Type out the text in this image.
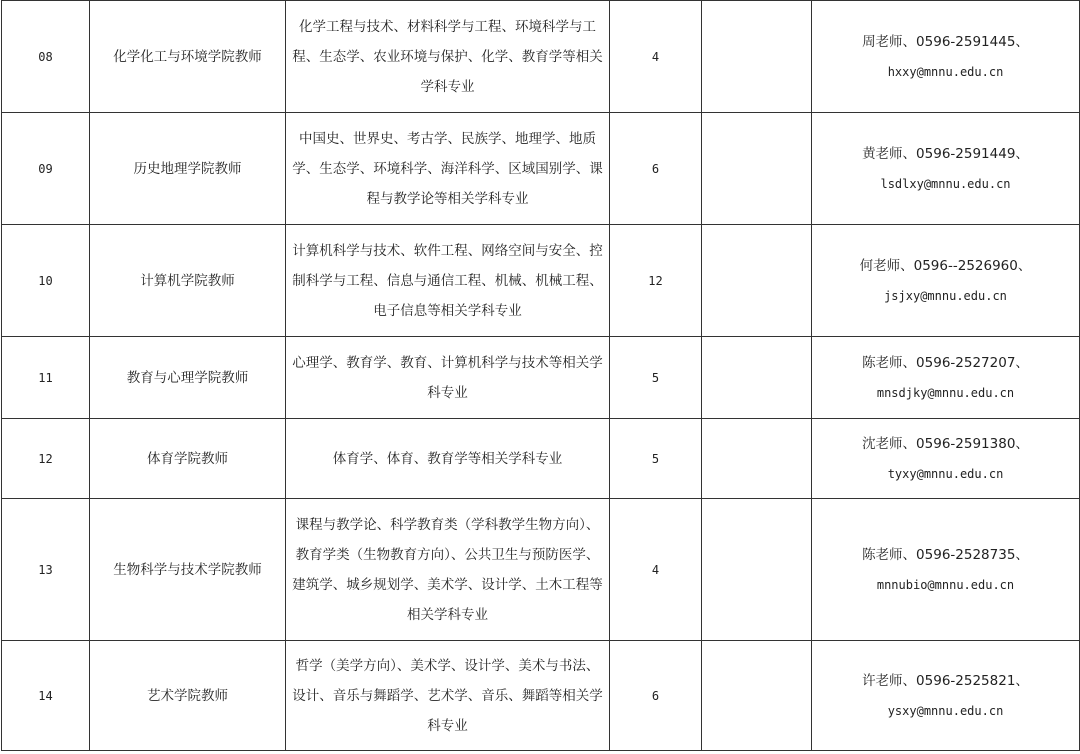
08	化学化工与环境学院教师	化学工程与技术、材料科学与工程、环境科学与工程、生态学、农业环境与保护、化学、教育学等相关学科专业	4		周老师、0596-2591445、
hxxy@mnnu.edu.cn

09	历史地理学院教师	中国史、世界史、考古学、民族学、地理学、地质学、生态学、环境科学、海洋科学、区域国别学、课程与教学论等相关学科专业	6		黄老师、0596-2591449、
lsdlxy@mnnu.edu.cn

10	计算机学院教师	计算机科学与技术、软件工程、网络空间与安全、控制科学与工程、信息与通信工程、机械、机械工程、电子信息等相关学科专业	12		何老师、0596--2526960、
jsjxy@mnnu.edu.cn

11	教育与心理学院教师	心理学、教育学、教育、计算机科学与技术等相关学科专业	5		陈老师、0596-2527207、
mnsdjky@mnnu.edu.cn

12	体育学院教师	体育学、体育、教育学等相关学科专业	5		沈老师、0596-2591380、
tyxy@mnnu.edu.cn

13	生物科学与技术学院教师	课程与教学论、科学教育类（学科教学生物方向）、教育学类（生物教育方向）、公共卫生与预防医学、建筑学、城乡规划学、美术学、设计学、土木工程等相关学科专业	4		陈老师、0596-2528735、
mnnubio@mnnu.edu.cn

14	艺术学院教师	哲学（美学方向）、美术学、设计学、美术与书法、设计、音乐与舞蹈学、艺术学、音乐、舞蹈等相关学科专业	6		许老师、0596-2525821、
ysxy@mnnu.edu.cn
